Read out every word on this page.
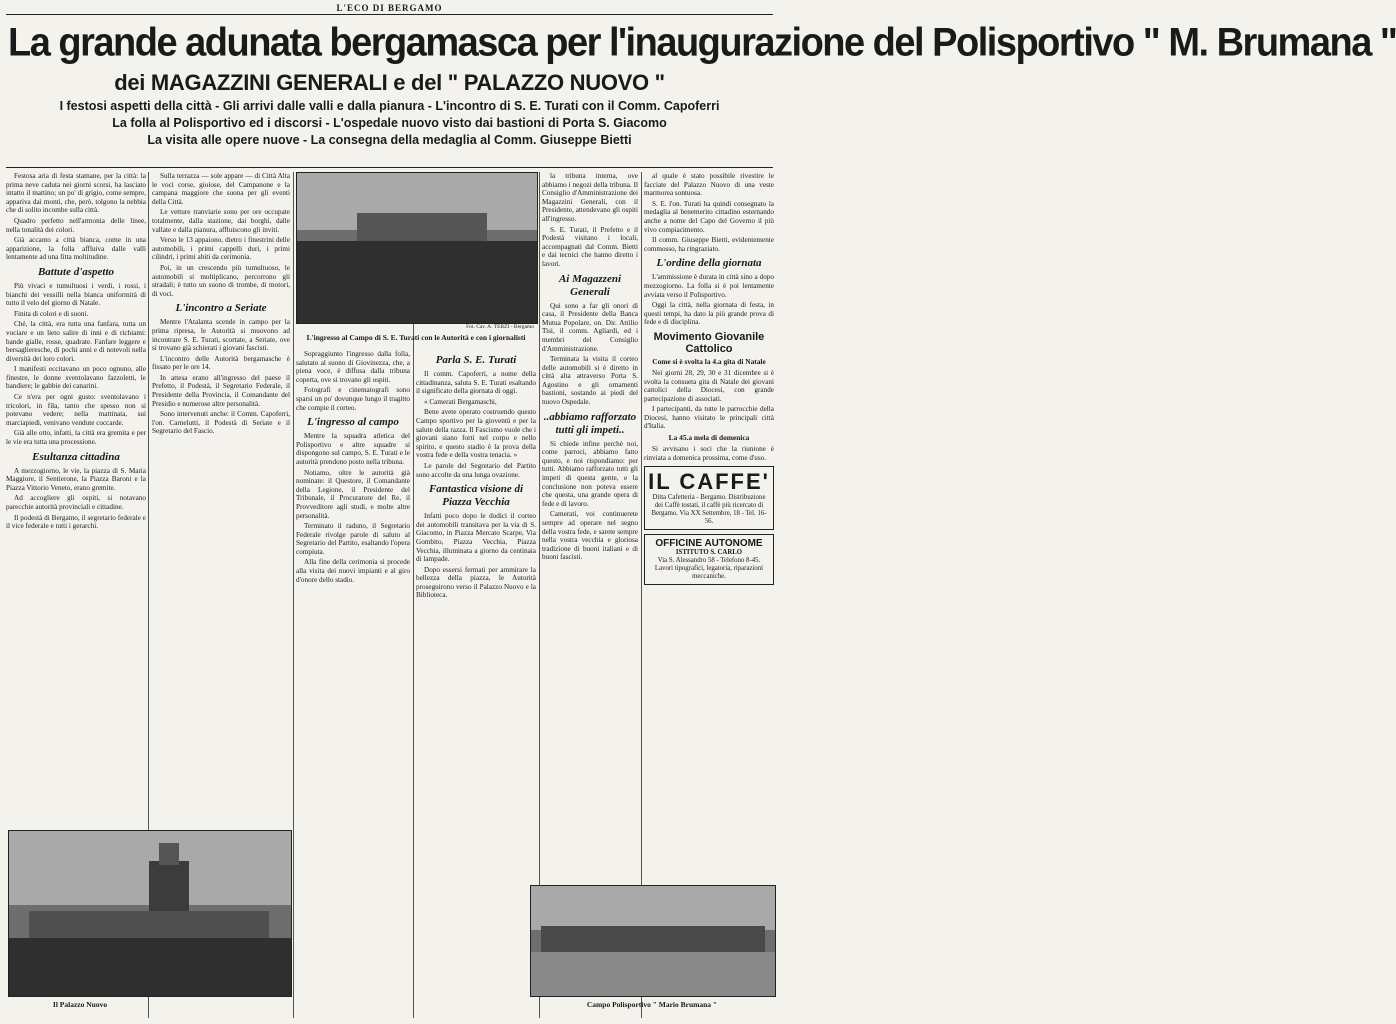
L'ECO DI BERGAMO
La grande adunata bergamasca per l'inaugurazione del Polisportivo " M. Brumana "
dei MAGAZZINI GENERALI e del " PALAZZO NUOVO "
I festosi aspetti della città - Gli arrivi dalle valli e dalla pianura - L'incontro di S. E. Turati con il Comm. Capoferri
La folla al Polisportivo ed i discorsi - L'ospedale nuovo visto dai bastioni di Porta S. Giacomo
La visita alle opere nuove - La consegna della medaglia al Comm. Giuseppe Bietti

Festosa aria di festa stamane, per la città: la prima neve caduta nei giorni scorsi, ha lasciato intatto il mattino; un po' di grigio, come sempre, appariva dai monti, che, però, tolgono la nebbia che di solito incombe sulla città.

Quadro perfetto nell'armonia delle linee, nella tonalità dei colori.

Già accanto a città bianca, come in una apparizione, la folla affluiva dalle valli lentamente ad una fitta moltitudine.

Battute d'aspetto

Più vivaci e tumultuosi i verdi, i rossi, i bianchi dei vessilli nella bianca uniformità di tutto il velo del giorno di Natale.

Finita di colori e di suoni.

Ché, la città, era tutta una fanfara, tutta un vociare e un lieto salire di inni e di richiami: bande gialle, rosse, quadrate. Fanfare leggere e bersaglieresche, di pochi anni e di notevoli nella diversità dei loro colori.

I manifesti eccitavano un poco ognuno, alle finestre, le donne sventolavano fazzoletti, le bandiere; le gabbie dei canarini.

Ce n'era per ogni gusto: sventolavano i tricolori, in fila, tanto che spesso non si potevano vedere; nella mattinata, sui marciapiedi, venivano vendute coccarde.

Già alle otto, infatti, la città era gremita e per le vie era tutta una processione.

Esultanza cittadina

A mezzogiorno, le vie, la piazza di S. Maria Maggiore, il Sentierone, la Piazza Baroni e la Piazza Vittorio Veneto, erano gremite.

Ad accogliere gli ospiti, si notavano parecchie autorità provinciali e cittadine.

Il podestà di Bergamo, il segretario federale e il vice federale e tutti i gerarchi.

Il Palazzo Nuovo

Sulla terrazza — sole appare — di Città Alta le voci corse, gioiose, del Campanone e la campana maggiore che suona per gli eventi della Città.

Le vetture tranviarie sono per ore occupate totalmente, dalla stazione, dai borghi, dalle vallate e dalla pianura, affluiscono gli inviti.

Verso le 13 appaiono, dietro i finestrini delle automobili, i primi cappelli duri, i primi cilindri, i primi abiti da cerimonia.

Poi, in un crescendo più tumultuoso, le automobili si moltiplicano, percorrono gli stradali; è tutto un suono di trombe, di motori, di voci.

L'incontro a Seriate

Mentre l'Atalanta scende in campo per la prima ripresa, le Autorità si muovono ad incontrare S. E. Turati, scortate, a Seriate, ove si trovano già schierati i giovani fascisti.

L'incontro delle Autorità bergamasche è fissato per le ore 14.

In attesa erano all'ingresso del paese il Prefetto, il Podestà, il Segretario Federale, il Presidente della Provincia, il Comandante del Presidio e numerose altre personalità.

Sono intervenuti anche: il Comm. Capoferri, l'on. Carnelutti, il Podestà di Seriate e il Segretario del Fascio.

Fot. Cav. A. TERZI - Bergamo
L'ingresso al Campo di S. E. Turati con le Autorità e con i giornalisti

Sopraggiunto l'ingresso dalla folla, salutato al suono di Giovinezza, che, a piena voce, è diffusa dalla tribuna coperta, ove si trovano gli ospiti.

Fotografi e cinematografi sono sparsi un po' dovunque lungo il tragitto che compie il corteo.

L'ingresso al campo

Mentre la squadra atletica del Polisportivo e altre squadre si dispongono sul campo, S. E. Turati e le autorità prendono posto nella tribuna.

Notiamo, oltre le autorità già nominate: il Questore, il Comandante della Legione, il Presidente del Tribunale, il Procuratore del Re, il Provveditore agli studi, e molte altre personalità.

Terminato il raduno, il Segretario Federale rivolge parole di saluto al Segretario del Partito, esaltando l'opera compiuta.

Alla fine della cerimonia si procede alla visita dei nuovi impianti e al giro d'onore dello stadio.

Parla S. E. Turati

Il comm. Capoferri, a nome della cittadinanza, saluta S. E. Turati esaltando il significato della giornata di oggi.

« Camerati Bergamaschi,

Bene avete operato costruendo questo Campo sportivo per la gioventù e per la salute della razza. Il Fascismo vuole che i giovani siano forti nel corpo e nello spirito, e questo stadio è la prova della vostra fede e della vostra tenacia. »

Le parole del Segretario del Partito sono accolte da una lunga ovazione.

Fantastica visione di Piazza Vecchia

Infatti poco dopo le dodici il corteo dei automobili transitava per la via di S. Giacomo, in Piazza Mercato Scarpe, Via Gombito, Piazza Vecchia, Piazza Vecchia, illuminata a giorno da centinaia di lampade.

Dopo essersi fermati per ammirare la bellezza della piazza, le Autorità proseguirono verso il Palazzo Nuovo e la Biblioteca.

la tribuna interna, ove abbiamo i negozi della tribuna. Il Consiglio d'Amministrazione dei Magazzini Generali, con il Presidente, attendevano gli ospiti all'ingresso.

S. E. Turati, il Prefetto e il Podestà visitano i locali, accompagnati dal Comm. Bietti e dai tecnici che hanno diretto i lavori.

Ai Magazzeni Generali

Qui sono a far gli onori di casa, il Presidente della Banca Mutua Popolare, on. Dir. Attilio Tisi, il comm. Agliardi, ed i membri del Consiglio d'Amministrazione.

Terminata la visita il corteo delle automobili si è diretto in città alta attraverso Porta S. Agostino e gli ornamenti bastioni, sostando ai piedi del nuovo Ospedale.

..abbiamo rafforzato tutti gli impeti..

Si chiede infine perchè noi, come parroci, abbiamo fatto questo, e noi rispondiamo: per tutti. Abbiamo rafforzato tutti gli impeti di questa gente, e la conclusione non poteva essere che questa, una grande opera di fede e di lavoro.

Camerati, voi continuerete sempre ad operare nel segno della vostra fede, e sarete sempre nella vostra vecchia e gloriosa tradizione di buoni italiani e di buoni fascisti.

al quale è stato possibile rivestire le facciate del Palazzo Nuovo di una veste marmorea sontuosa.

S. E. l'on. Turati ha quindi consegnato la medaglia al benemerito cittadino esternando anche a nome del Capo del Governo il più vivo compiacimento.

Il comm. Giuseppe Bietti, evidentemente commosso, ha ringraziato.

L'ordine della giornata

L'ammissione è durata in città sino a dopo mezzogiorno. La folla si è poi lentamente avviata verso il Polisportivo.

Oggi la città, nella giornata di festa, in questi tempi, ha dato la più grande prova di fede e di disciplina.

Movimento Giovanile Cattolico
Come si è svolta la 4.a gita di Natale

Nei giorni 28, 29, 30 e 31 dicembre si è svolta la consueta gita di Natale dei giovani cattolici della Diocesi, con grande partecipazione di associati.

I partecipanti, da tutte le parrocchie della Diocesi, hanno visitato le principali città d'Italia.

La 45.a mela di domenica

Si avvisano i soci che la riunione è rinviata a domenica prossima, come d'uso.

IL CAFFE'
Ditta Cafetteria - Bergamo. Distribuzione dei Caffè tostati, il caffè più ricercato di Bergamo. Via XX Settembre, 18 - Tel. 16-56.
OFFICINE AUTONOME
ISTITUTO S. CARLO
Via S. Alessandro 58 - Telefono 8-45. Lavori tipografici, legatoria, riparazioni meccaniche.
Campo Polisportivo " Mario Brumana "
